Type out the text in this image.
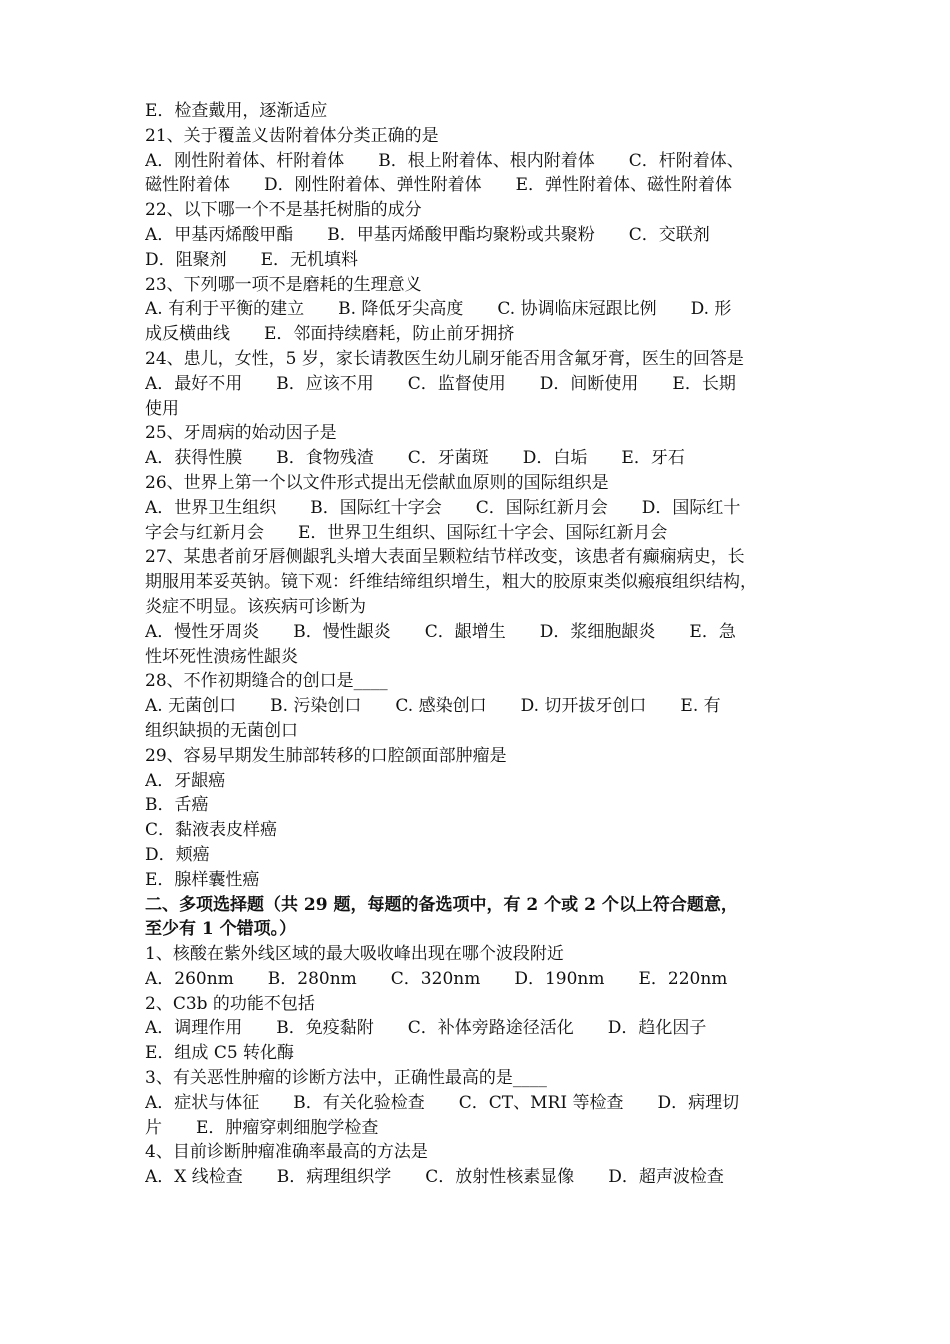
E．检查戴用，逐渐适应
21、关于覆盖义齿附着体分类正确的是
A．刚性附着体、杆附着体　　B．根上附着体、根内附着体　　C．杆附着体、
磁性附着体　　D．刚性附着体、弹性附着体　　E．弹性附着体、磁性附着体
22、以下哪一个不是基托树脂的成分
A．甲基丙烯酸甲酯　　B．甲基丙烯酸甲酯均聚粉或共聚粉　　C．交联剂
D．阻聚剂　　E．无机填料
23、下列哪一项不是磨耗的生理意义
A. 有利于平衡的建立　　B. 降低牙尖高度　　C. 协调临床冠跟比例　　D. 形
成反横曲线　　E．邻面持续磨耗，防止前牙拥挤
24、患儿，女性，5 岁，家长请教医生幼儿刷牙能否用含氟牙膏，医生的回答是
A．最好不用　　B．应该不用　　C．监督使用　　D．间断使用　　E．长期
使用
25、牙周病的始动因子是
A．获得性膜　　B．食物残渣　　C．牙菌斑　　D．白垢　　E．牙石
26、世界上第一个以文件形式提出无偿献血原则的国际组织是
A．世界卫生组织　　B．国际红十字会　　C．国际红新月会　　D．国际红十
字会与红新月会　　E．世界卫生组织、国际红十字会、国际红新月会
27、某患者前牙唇侧龈乳头增大表面呈颗粒结节样改变，该患者有癫痫病史，长
期服用苯妥英钠。镜下观：纤维结缔组织增生，粗大的胶原束类似瘢痕组织结构，
炎症不明显。该疾病可诊断为
A．慢性牙周炎　　B．慢性龈炎　　C．龈增生　　D．浆细胞龈炎　　E．急
性坏死性溃疡性龈炎
28、不作初期缝合的创口是____
A. 无菌创口　　B. 污染创口　　C. 感染创口　　D. 切开拔牙创口　　E. 有
组织缺损的无菌创口
29、容易早期发生肺部转移的口腔颌面部肿瘤是
A．牙龈癌
B．舌癌
C．黏液表皮样癌
D．颊癌
E．腺样囊性癌
二、多项选择题（共 29 题，每题的备选项中，有 2 个或 2 个以上符合题意，
至少有 1 个错项。）
1、核酸在紫外线区域的最大吸收峰出现在哪个波段附近
A．260nm　　B．280nm　　C．320nm　　D．190nm　　E．220nm
2、C3b 的功能不包括
A．调理作用　　B．免疫黏附　　C．补体旁路途径活化　　D．趋化因子
E．组成 C5 转化酶
3、有关恶性肿瘤的诊断方法中，正确性最高的是____
A．症状与体征　　B．有关化验检查　　C．CT、MRI 等检查　　D．病理切
片　　E．肿瘤穿刺细胞学检查
4、目前诊断肿瘤准确率最高的方法是
A．X 线检查　　B．病理组织学　　C．放射性核素显像　　D．超声波检查
